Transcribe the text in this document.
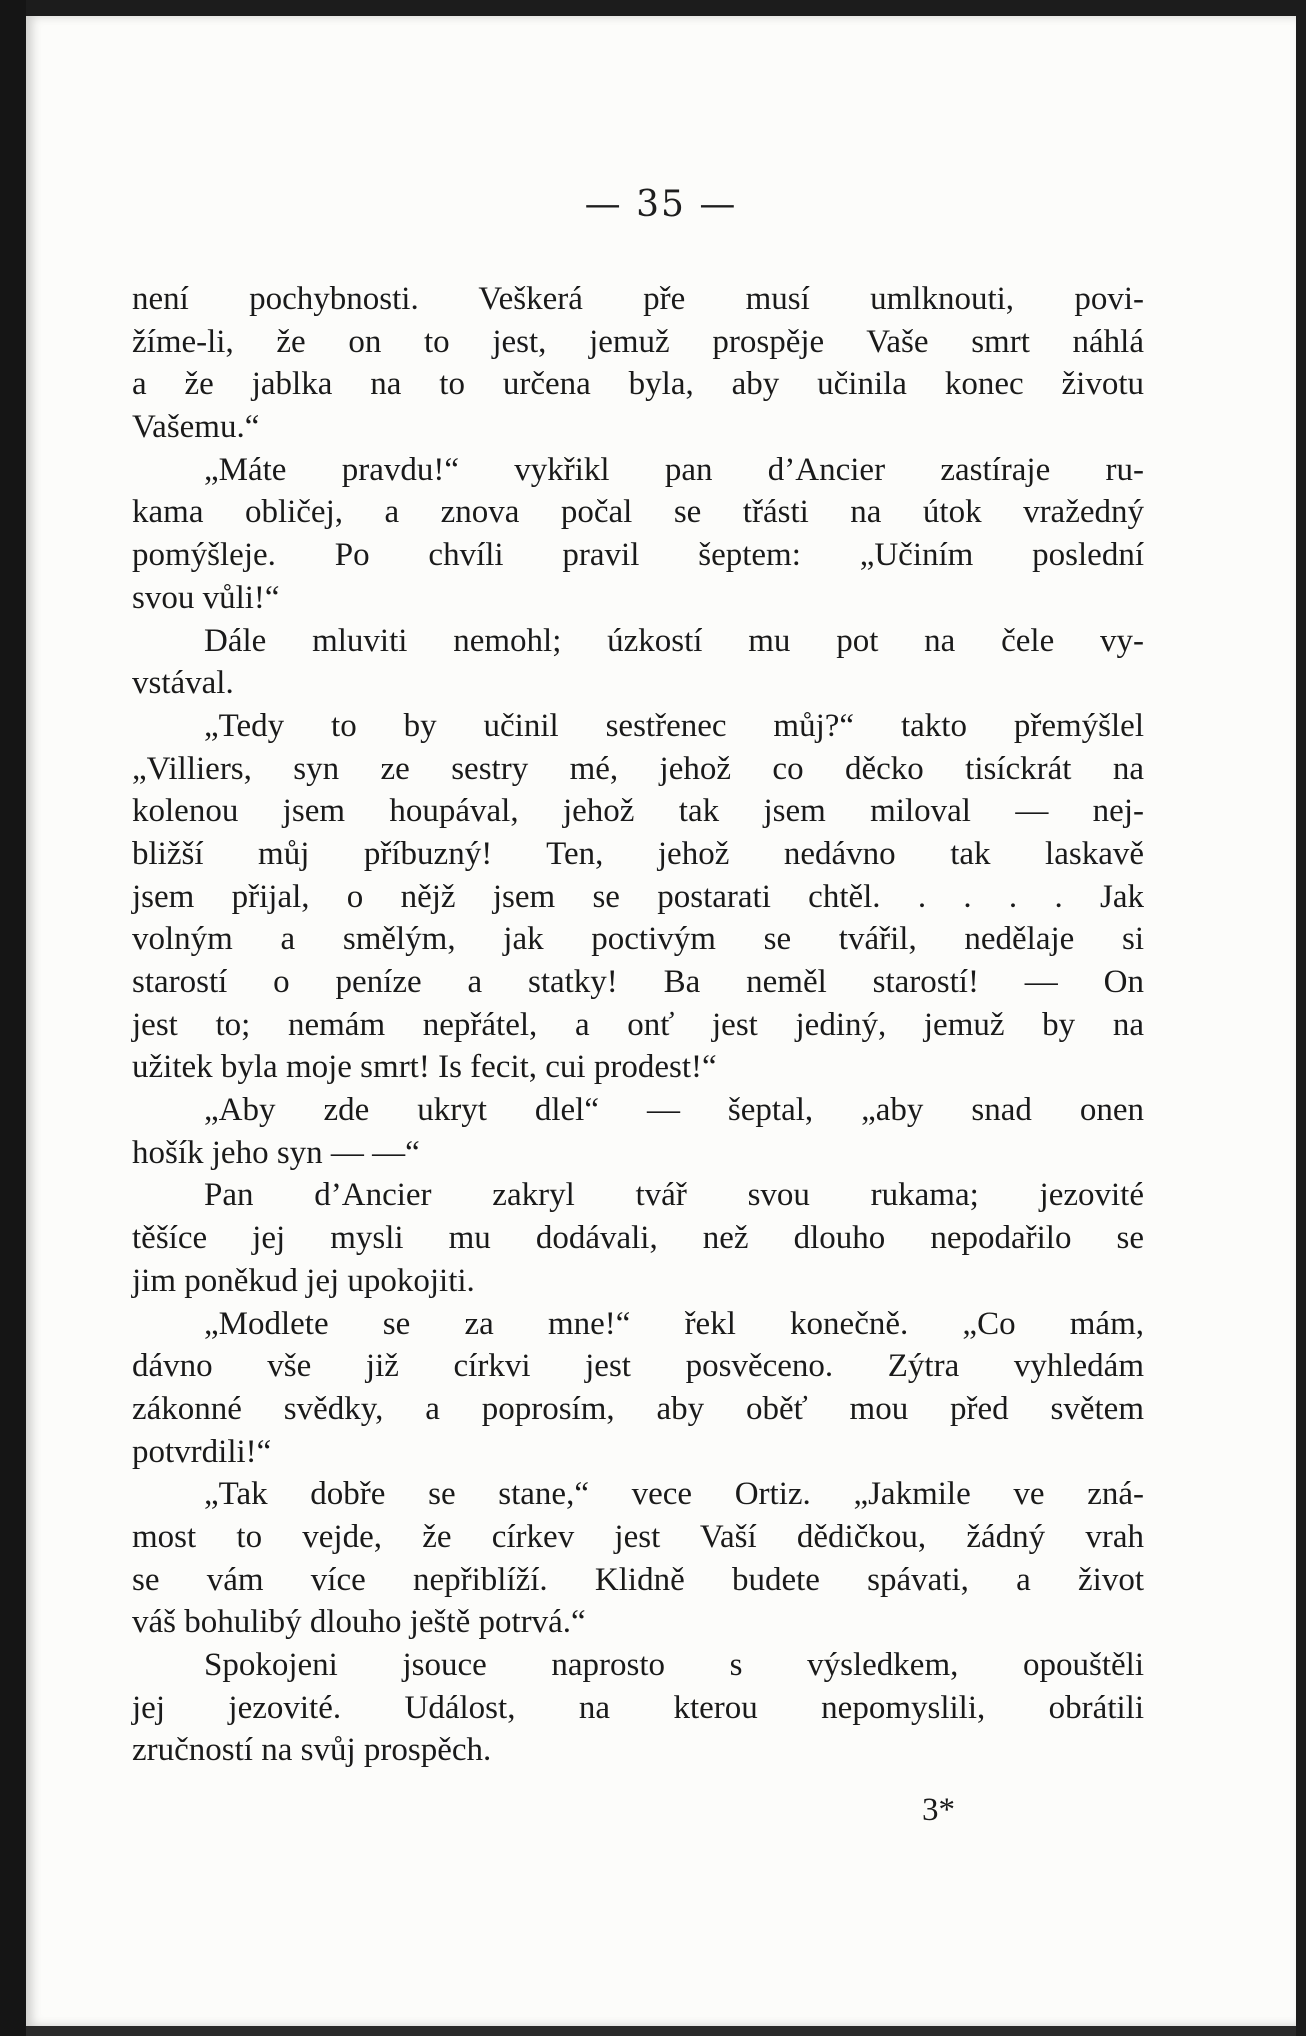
— 35 —
není pochybnosti. Veškerá pře musí umlknouti, povi-
žíme-li, že on to jest, jemuž prospěje Vaše smrt náhlá
a že jablka na to určena byla, aby učinila konec životu
Vašemu.“
„Máte pravdu!“ vykřikl pan d’Ancier zastíraje ru-
kama obličej, a znova počal se třásti na útok vražedný
pomýšleje. Po chvíli pravil šeptem: „Učiním poslední
svou vůli!“
Dále mluviti nemohl; úzkostí mu pot na čele vy-
vstával.
„Tedy to by učinil sestřenec můj?“ takto přemýšlel
„Villiers, syn ze sestry mé, jehož co děcko tisíckrát na
kolenou jsem houpával, jehož tak jsem miloval — nej-
bližší můj příbuzný! Ten, jehož nedávno tak laskavě
jsem přijal, o nějž jsem se postarati chtěl. . . . . Jak
volným a smělým, jak poctivým se tvářil, nedělaje si
starostí o peníze a statky! Ba neměl starostí! — On
jest to; nemám nepřátel, a onť jest jediný, jemuž by na
užitek byla moje smrt! Is fecit, cui prodest!“
„Aby zde ukryt dlel“ — šeptal, „aby snad onen
hošík jeho syn — —“
Pan d’Ancier zakryl tvář svou rukama; jezovité
těšíce jej mysli mu dodávali, než dlouho nepodařilo se
jim poněkud jej upokojiti.
„Modlete se za mne!“ řekl konečně. „Co mám,
dávno vše již církvi jest posvěceno. Zýtra vyhledám
zákonné svědky, a poprosím, aby oběť mou před světem
potvrdili!“
„Tak dobře se stane,“ vece Ortiz. „Jakmile ve zná-
most to vejde, že církev jest Vaší dědičkou, žádný vrah
se vám více nepřiblíží. Klidně budete spávati, a život
váš bohulibý dlouho ještě potrvá.“
Spokojeni jsouce naprosto s výsledkem, opouštěli
jej jezovité. Událost, na kterou nepomyslili, obrátili
zručností na svůj prospěch.
3*
